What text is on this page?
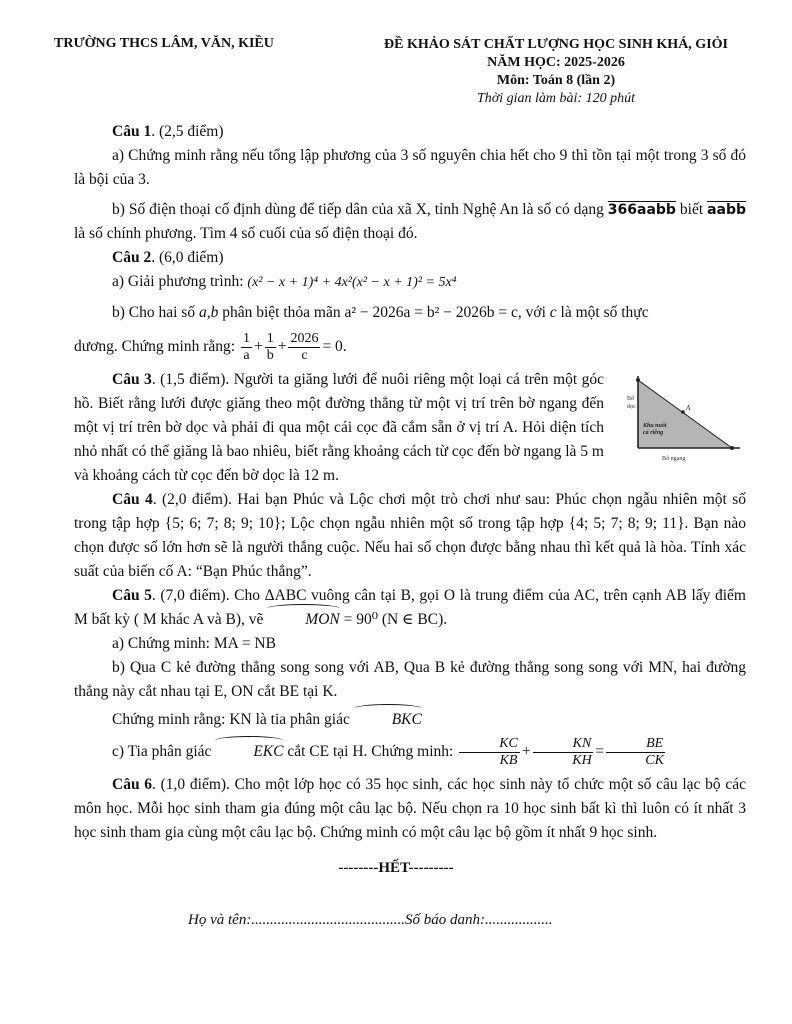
TRƯỜNG THCS LÂM, VĂN, KIỀU	ĐỀ KHẢO SÁT CHẤT LƯỢNG HỌC SINH KHÁ, GIỎI
NĂM HỌC: 2025-2026
Môn: Toán 8 (lần 2)
Thời gian làm bài: 120 phút

Câu 1. (2,5 điểm)

a) Chứng minh rằng nếu tổng lập phương của 3 số nguyên chia hết cho 9 thì tồn tại một trong 3 số đó là bội của 3.

b) Số điện thoại cố định dùng để tiếp dân của xã X, tỉnh Nghệ An là số có dạng 366aabb biết aabb là số chính phương. Tìm 4 số cuối của số điện thoại đó.

Câu 2. (6,0 điểm)

a) Giải phương trình: (x² − x + 1)⁴ + 4x²(x² − x + 1)² = 5x⁴

b) Cho hai số a,b phân biệt thỏa mãn a² − 2026a = b² − 2026b = c, với c là một số thực

dương. Chứng minh rằng: $\frac{1}{a} + \frac{1}{b} + \frac{2026}{c} = 0$.

Câu 3. (1,5 điểm). Người ta giăng lưới để nuôi riêng một loại cá trên một góc hồ. Biết rằng lưới được giăng theo một đường thẳng từ một vị trí trên bờ ngang đến một vị trí trên bờ dọc và phải đi qua một cái cọc đã cắm sẵn ở vị trí A. Hỏi diện tích nhỏ nhất có thể giăng là bao nhiêu, biết rằng khoảng cách từ cọc đến bờ ngang là 5 m và khoảng cách từ cọc đến bờ dọc là 12 m.

Bờ
dọc
Khu nuôi
cá riêng
A
Bờ ngang

Câu 4. (2,0 điểm). Hai bạn Phúc và Lộc chơi một trò chơi như sau: Phúc chọn ngẫu nhiên một số trong tập hợp {5; 6; 7; 8; 9; 10}; Lộc chọn ngẫu nhiên một số trong tập hợp {4; 5; 7; 8; 9; 11}. Bạn nào chọn được số lớn hơn sẽ là người thắng cuộc. Nếu hai số chọn được bằng nhau thì kết quả là hòa. Tính xác suất của biến cố A: “Bạn Phúc thắng”.

Câu 5. (7,0 điểm). Cho ΔABC vuông cân tại B, gọi O là trung điểm của AC, trên cạnh AB lấy điểm M bất kỳ ( M khác A và B), vẽ	MON = 90⁰ (N ∈ BC).

a) Chứng minh: MA = NB

b) Qua C kẻ đường thẳng song song với AB, Qua B kẻ đường thẳng song song với MN, hai đường thẳng này cắt nhau tại E, ON cắt BE tại K.

Chứng minh rằng: KN là tia phân giác	BKC

c) Tia phân giác	EKC cắt CE tại H. Chứng minh: $\frac{KC}{KB} + \frac{KN}{KH} = \frac{BE}{CK}$

Câu 6. (1,0 điểm). Cho một lớp học có 35 học sinh, các học sinh này tổ chức một số câu lạc bộ các môn học. Mỗi học sinh tham gia đúng một câu lạc bộ. Nếu chọn ra 10 học sinh bất kì thì luôn có ít nhất 3 học sinh tham gia cùng một câu lạc bộ. Chứng minh có một câu lạc bộ gồm ít nhất 9 học sinh.

--------HẾT---------
Họ và tên:.........................................Số báo danh:..................
